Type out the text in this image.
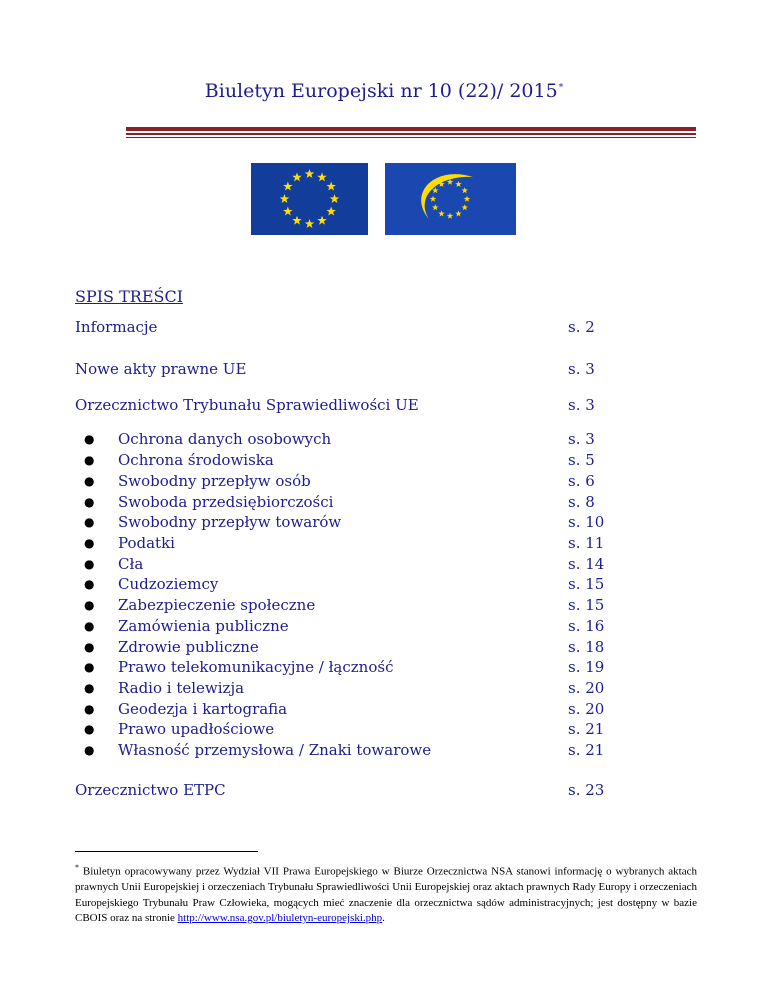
Biuletyn Europejski nr 10 (22)/ 2015*
SPIS TREŚCI
Informacje	s. 2
Nowe akty prawne UE	s. 3
Orzecznictwo Trybunału Sprawiedliwości UE	s. 3
● Ochrona danych osobowych	s. 3
● Ochrona środowiska	s. 5
● Swobodny przepływ osób	s. 6
● Swoboda przedsiębiorczości	s. 8
● Swobodny przepływ towarów	s. 10
● Podatki	s. 11
● Cła	s. 14
● Cudzoziemcy	s. 15
● Zabezpieczenie społeczne	s. 15
● Zamówienia publiczne	s. 16
● Zdrowie publiczne	s. 18
● Prawo telekomunikacyjne / łączność	s. 19
● Radio i telewizja	s. 20
● Geodezja i kartografia	s. 20
● Prawo upadłościowe	s. 21
● Własność przemysłowa / Znaki towarowe	s. 21
Orzecznictwo ETPC	s. 23
* Biuletyn opracowywany przez Wydział VII Prawa Europejskiego w Biurze Orzecznictwa NSA stanowi informację o wybranych aktach prawnych Unii Europejskiej i orzeczeniach Trybunału Sprawiedliwości Unii Europejskiej oraz aktach prawnych Rady Europy i orzeczeniach Europejskiego Trybunału Praw Człowieka, mogących mieć znaczenie dla orzecznictwa sądów administracyjnych; jest dostępny w bazie CBOIS oraz na stronie http://www.nsa.gov.pl/biuletyn-europejski.php.
